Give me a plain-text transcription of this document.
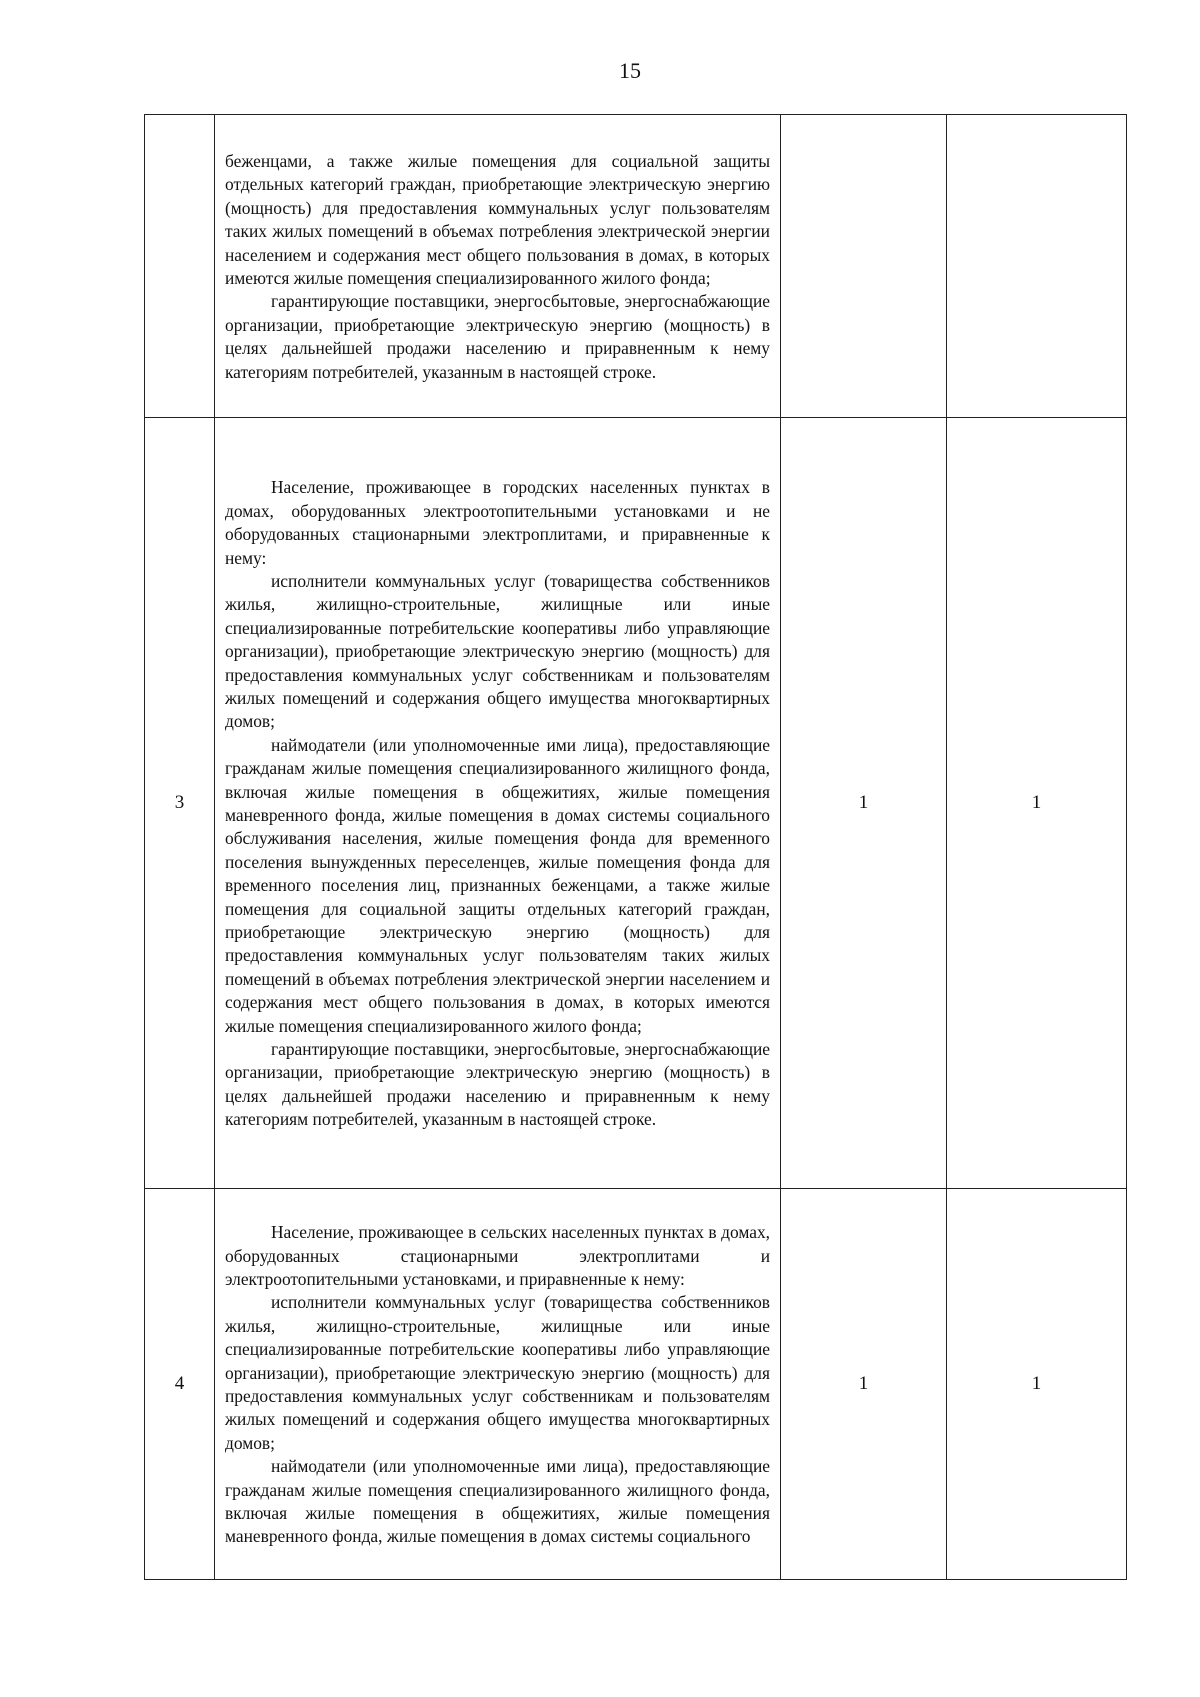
15

	беженцами, а также жилые помещения для социальной защиты отдельных категорий граждан, приобретающие электрическую энергию (мощность) для предоставления коммунальных услуг пользователям таких жилых помещений в объемах потребления электрической энергии населением и содержания мест общего пользования в домах, в которых имеются жилые помещения специализированного жилого фонда;

гарантирующие поставщики, энергосбытовые, энергоснабжающие организации, приобретающие электрическую энергию (мощность) в целях дальнейшей продажи населению и приравненным к нему категориям потребителей, указанным в настоящей строке.		

3	Население, проживающее в городских населенных пунктах в домах, оборудованных электроотопительными установками и не оборудованных стационарными электроплитами, и приравненные к нему:

исполнители коммунальных услуг (товарищества собственников жилья, жилищно-строительные, жилищные или иные специализированные потребительские кооперативы либо управляющие организации), приобретающие электрическую энергию (мощность) для предоставления коммунальных услуг собственникам и пользователям жилых помещений и содержания общего имущества многоквартирных домов;

наймодатели (или уполномоченные ими лица), предоставляющие гражданам жилые помещения специализированного жилищного фонда, включая жилые помещения в общежитиях, жилые помещения маневренного фонда, жилые помещения в домах системы социального обслуживания населения, жилые помещения фонда для временного поселения вынужденных переселенцев, жилые помещения фонда для временного поселения лиц, признанных беженцами, а также жилые помещения для социальной защиты отдельных категорий граждан, приобретающие электрическую энергию (мощность) для предоставления коммунальных услуг пользователям таких жилых помещений в объемах потребления электрической энергии населением и содержания мест общего пользования в домах, в которых имеются жилые помещения специализированного жилого фонда;

гарантирующие поставщики, энергосбытовые, энергоснабжающие организации, приобретающие электрическую энергию (мощность) в целях дальнейшей продажи населению и приравненным к нему категориям потребителей, указанным в настоящей строке.	1	1
4	Население, проживающее в сельских населенных пунктах в домах, оборудованных стационарными электроплитами и электроотопительными установками, и приравненные к нему:

исполнители коммунальных услуг (товарищества собственников жилья, жилищно-строительные, жилищные или иные специализированные потребительские кооперативы либо управляющие организации), приобретающие электрическую энергию (мощность) для предоставления коммунальных услуг собственникам и пользователям жилых помещений и содержания общего имущества многоквартирных домов;

наймодатели (или уполномоченные ими лица), предоставляющие гражданам жилые помещения специализированного жилищного фонда, включая жилые помещения в общежитиях, жилые помещения маневренного фонда, жилые помещения в домах системы социального	1	1
